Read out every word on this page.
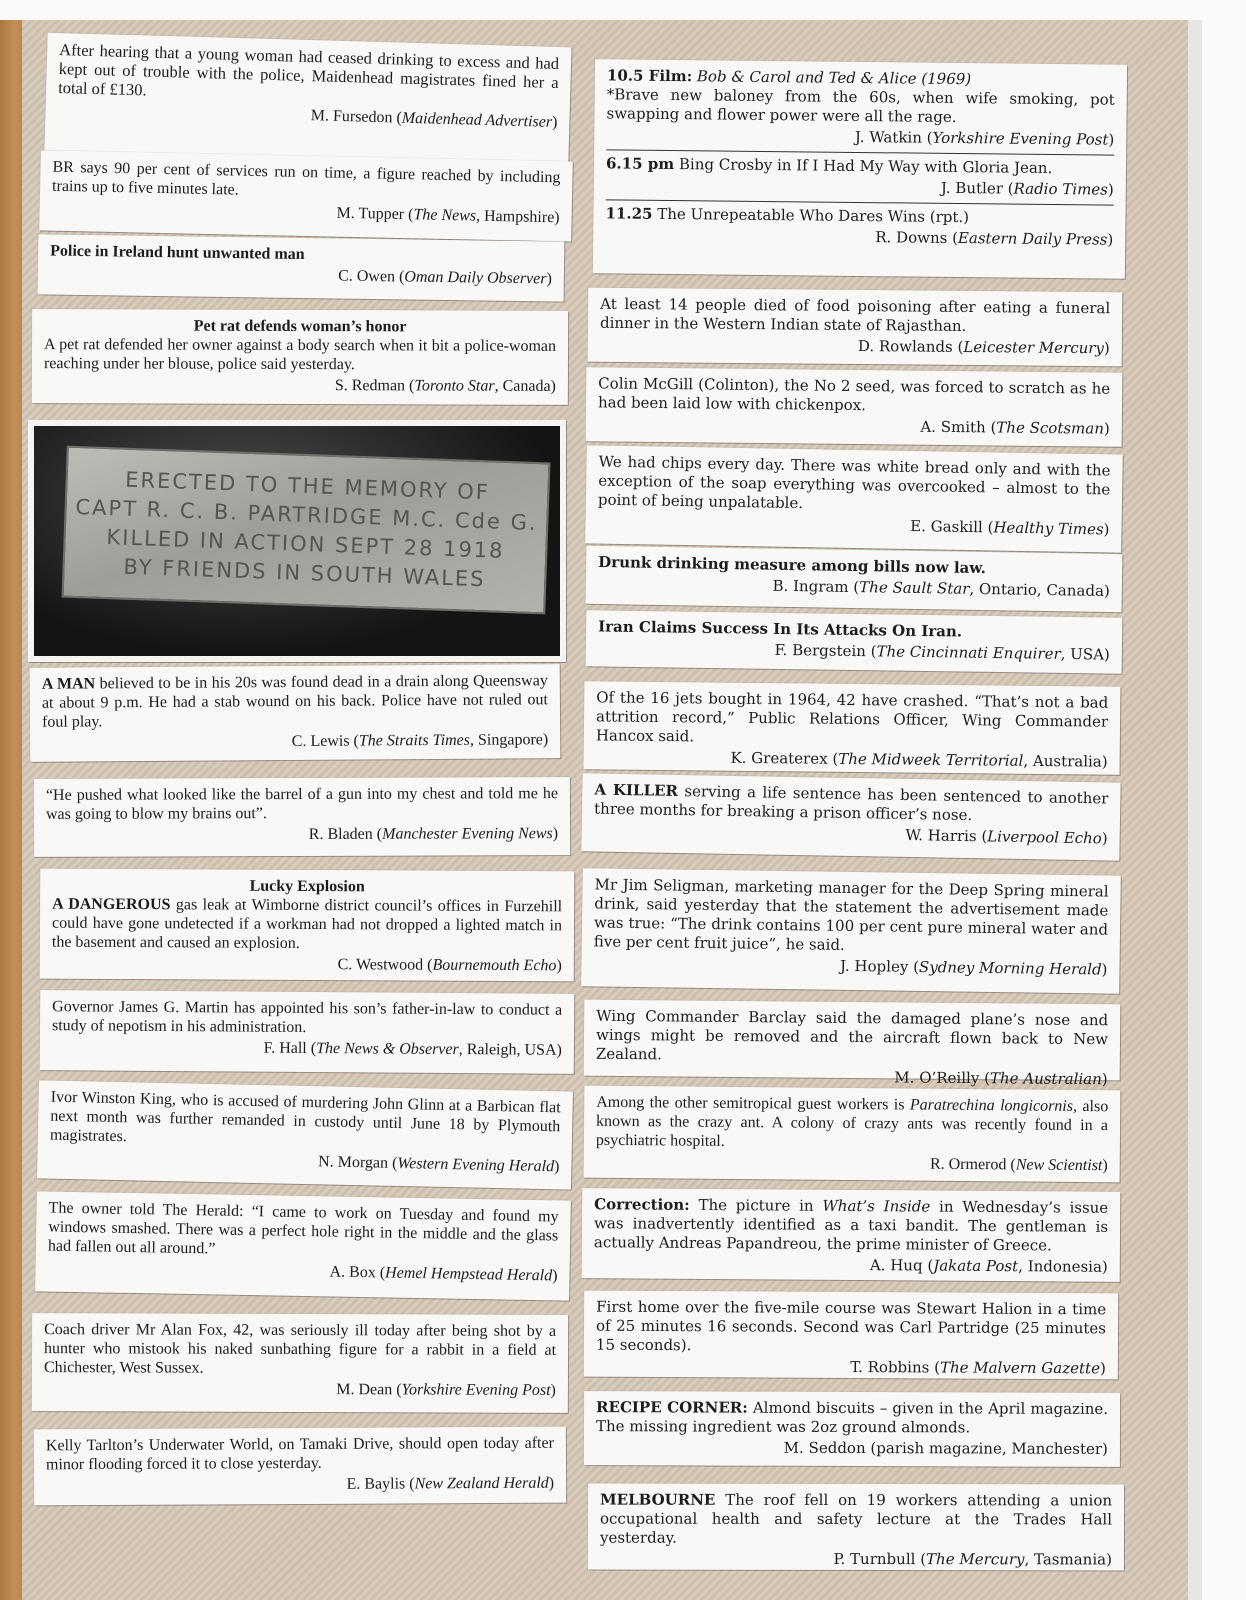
After hearing that a young woman had ceased drinking to excess and had kept out of trouble with the police, Maidenhead magistrates fined her a total of £130.

M. Fursedon (Maidenhead Advertiser)

BR says 90 per cent of services run on time, a figure reached by including trains up to five minutes late.

M. Tupper (The News, Hampshire)
Police in Ireland hunt unwanted man
C. Owen (Oman Daily Observer)
Pet rat defends woman’s honor

A pet rat defended her owner against a body search when it bit a police-woman reaching under her blouse, police said yesterday.

S. Redman (Toronto Star, Canada)
ERECTED TO THE MEMORY OF
CAPT R. C. B. PARTRIDGE M.C. Cde G.
KILLED IN ACTION SEPT 28 1918
BY FRIENDS IN SOUTH WALES

A MAN believed to be in his 20s was found dead in a drain along Queensway at about 9 p.m. He had a stab wound on his back. Police have not ruled out foul play.

C. Lewis (The Straits Times, Singapore)

“He pushed what looked like the barrel of a gun into my chest and told me he was going to blow my brains out”.

R. Bladen (Manchester Evening News)
Lucky Explosion

A DANGEROUS gas leak at Wimborne district council’s offices in Furzehill could have gone undetected if a workman had not dropped a lighted match in the basement and caused an explosion.

C. Westwood (Bournemouth Echo)

Governor James G. Martin has appointed his son’s father-in-law to conduct a study of nepotism in his administration.

F. Hall (The News & Observer, Raleigh, USA)

Ivor Winston King, who is accused of murdering John Glinn at a Barbican flat next month was further remanded in custody until June 18 by Plymouth magistrates.

N. Morgan (Western Evening Herald)

The owner told The Herald: “I came to work on Tuesday and found my windows smashed. There was a perfect hole right in the middle and the glass had fallen out all around.”

A. Box (Hemel Hempstead Herald)

Coach driver Mr Alan Fox, 42, was seriously ill today after being shot by a hunter who mistook his naked sunbathing figure for a rabbit in a field at Chichester, West Sussex.

M. Dean (Yorkshire Evening Post)

Kelly Tarlton’s Underwater World, on Tamaki Drive, should open today after minor flooding forced it to close yesterday.

E. Baylis (New Zealand Herald)
10.5 Film: Bob & Carol and Ted & Alice (1969)

*Brave new baloney from the 60s, when wife smoking, pot swapping and flower power were all the rage.

J. Watkin (Yorkshire Evening Post)
6.15 pm Bing Crosby in If I Had My Way with Gloria Jean.
J. Butler (Radio Times)
11.25 The Unrepeatable Who Dares Wins (rpt.)
R. Downs (Eastern Daily Press)

At least 14 people died of food poisoning after eating a funeral dinner in the Western Indian state of Rajasthan.

D. Rowlands (Leicester Mercury)

Colin McGill (Colinton), the No 2 seed, was forced to scratch as he had been laid low with chickenpox.

A. Smith (The Scotsman)

We had chips every day. There was white bread only and with the exception of the soap everything was overcooked – almost to the point of being unpalatable.

E. Gaskill (Healthy Times)
Drunk drinking measure among bills now law.
B. Ingram (The Sault Star, Ontario, Canada)
Iran Claims Success In Its Attacks On Iran.
F. Bergstein (The Cincinnati Enquirer, USA)

Of the 16 jets bought in 1964, 42 have crashed. “That’s not a bad attrition record,” Public Relations Officer, Wing Commander Hancox said.

K. Greaterex (The Midweek Territorial, Australia)

A KILLER serving a life sentence has been sentenced to another three months for breaking a prison officer’s nose.

W. Harris (Liverpool Echo)

Mr Jim Seligman, marketing manager for the Deep Spring mineral drink, said yesterday that the statement the advertisement made was true: “The drink contains 100 per cent pure mineral water and five per cent fruit juice”, he said.

J. Hopley (Sydney Morning Herald)

Wing Commander Barclay said the damaged plane’s nose and wings might be removed and the aircraft flown back to New Zealand.

M. O’Reilly (The Australian)

Among the other semitropical guest workers is Paratrechina longicornis, also known as the crazy ant. A colony of crazy ants was recently found in a psychiatric hospital.

R. Ormerod (New Scientist)

Correction: The picture in What’s Inside in Wednesday’s issue was inadvertently identified as a taxi bandit. The gentleman is actually Andreas Papandreou, the prime minister of Greece.

A. Huq (Jakata Post, Indonesia)

First home over the five-mile course was Stewart Halion in a time of 25 minutes 16 seconds. Second was Carl Partridge (25 minutes 15 seconds).

T. Robbins (The Malvern Gazette)

RECIPE CORNER: Almond biscuits – given in the April magazine. The missing ingredient was 2oz ground almonds.

M. Seddon (parish magazine, Manchester)

MELBOURNE The roof fell on 19 workers attending a union occupational health and safety lecture at the Trades Hall yesterday.

P. Turnbull (The Mercury, Tasmania)
